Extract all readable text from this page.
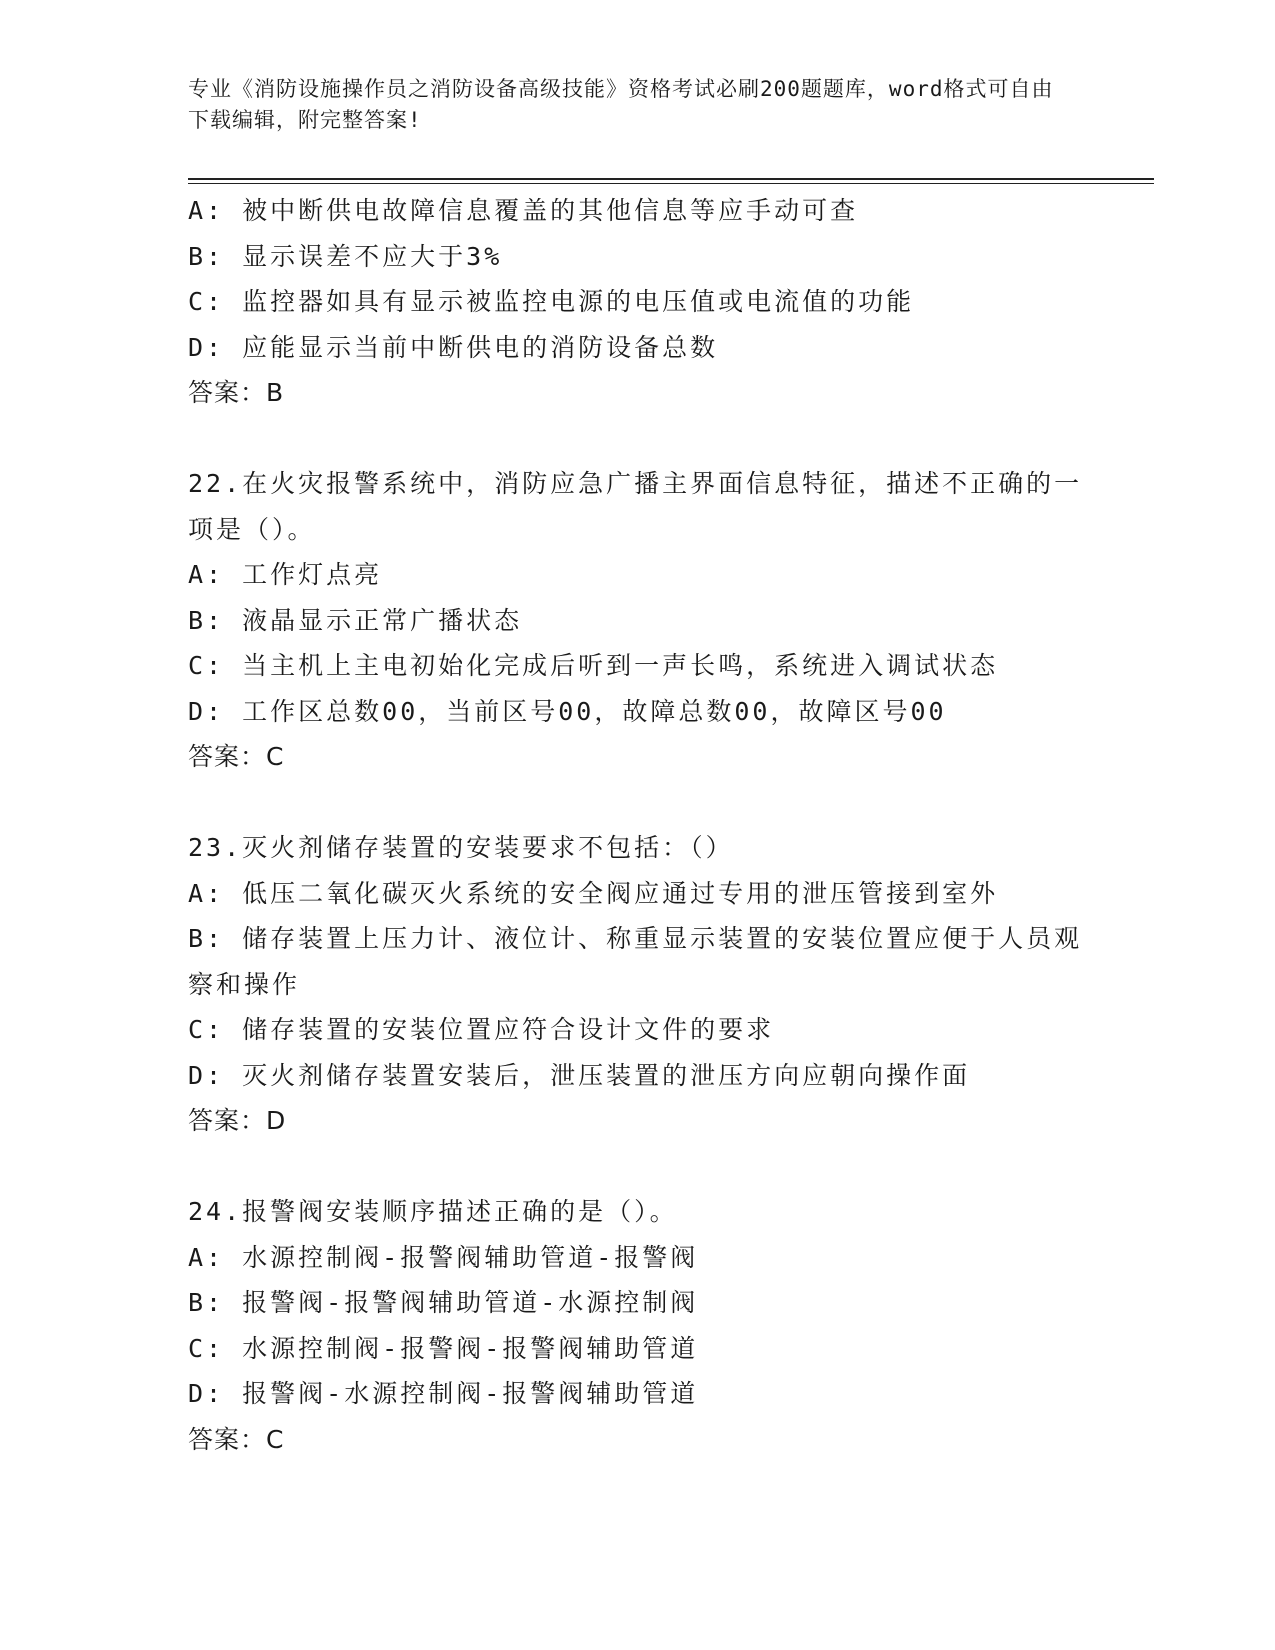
专业《消防设施操作员之消防设备高级技能》资格考试必刷200题题库，word格式可自由下载编辑，附完整答案!
A: 被中断供电故障信息覆盖的其他信息等应手动可查
B: 显示误差不应大于3%
C: 监控器如具有显示被监控电源的电压值或电流值的功能
D: 应能显示当前中断供电的消防设备总数
答案：B
22.在火灾报警系统中，消防应急广播主界面信息特征，描述不正确的一项是（）。
A: 工作灯点亮
B: 液晶显示正常广播状态
C: 当主机上主电初始化完成后听到一声长鸣，系统进入调试状态
D: 工作区总数00，当前区号00，故障总数00，故障区号00
答案：C
23.灭火剂储存装置的安装要求不包括：（）
A: 低压二氧化碳灭火系统的安全阀应通过专用的泄压管接到室外
B: 储存装置上压力计、液位计、称重显示装置的安装位置应便于人员观察和操作
C: 储存装置的安装位置应符合设计文件的要求
D: 灭火剂储存装置安装后，泄压装置的泄压方向应朝向操作面
答案：D
24.报警阀安装顺序描述正确的是（）。
A: 水源控制阀-报警阀辅助管道-报警阀
B: 报警阀-报警阀辅助管道-水源控制阀
C: 水源控制阀-报警阀-报警阀辅助管道
D: 报警阀-水源控制阀-报警阀辅助管道
答案：C
